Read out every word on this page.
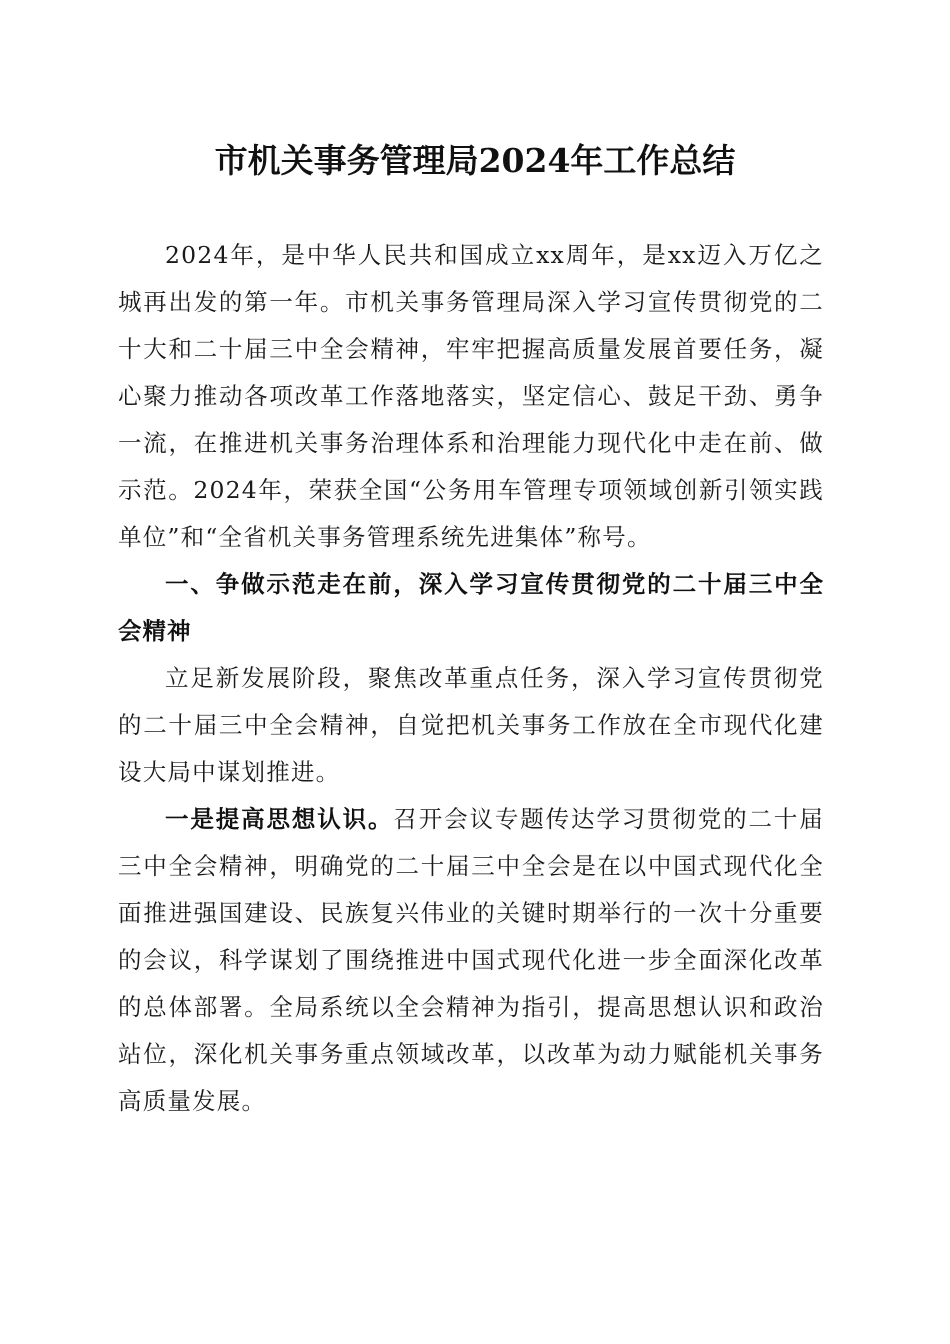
市机关事务管理局2024年工作总结

2024年，是中华人民共和国成立xx周年，是xx迈入万亿之城再出发的第一年。市机关事务管理局深入学习宣传贯彻党的二十大和二十届三中全会精神，牢牢把握高质量发展首要任务，凝心聚力推动各项改革工作落地落实，坚定信心、鼓足干劲、勇争一流，在推进机关事务治理体系和治理能力现代化中走在前、做示范。2024年，荣获全国“公务用车管理专项领域创新引领实践单位”和“全省机关事务管理系统先进集体”称号。

一、争做示范走在前，深入学习宣传贯彻党的二十届三中全会精神

立足新发展阶段，聚焦改革重点任务，深入学习宣传贯彻党的二十届三中全会精神，自觉把机关事务工作放在全市现代化建设大局中谋划推进。

一是提高思想认识。召开会议专题传达学习贯彻党的二十届三中全会精神，明确党的二十届三中全会是在以中国式现代化全面推进强国建设、民族复兴伟业的关键时期举行的一次十分重要的会议，科学谋划了围绕推进中国式现代化进一步全面深化改革的总体部署。全局系统以全会精神为指引，提高思想认识和政治站位，深化机关事务重点领域改革，以改革为动力赋能机关事务高质量发展。
